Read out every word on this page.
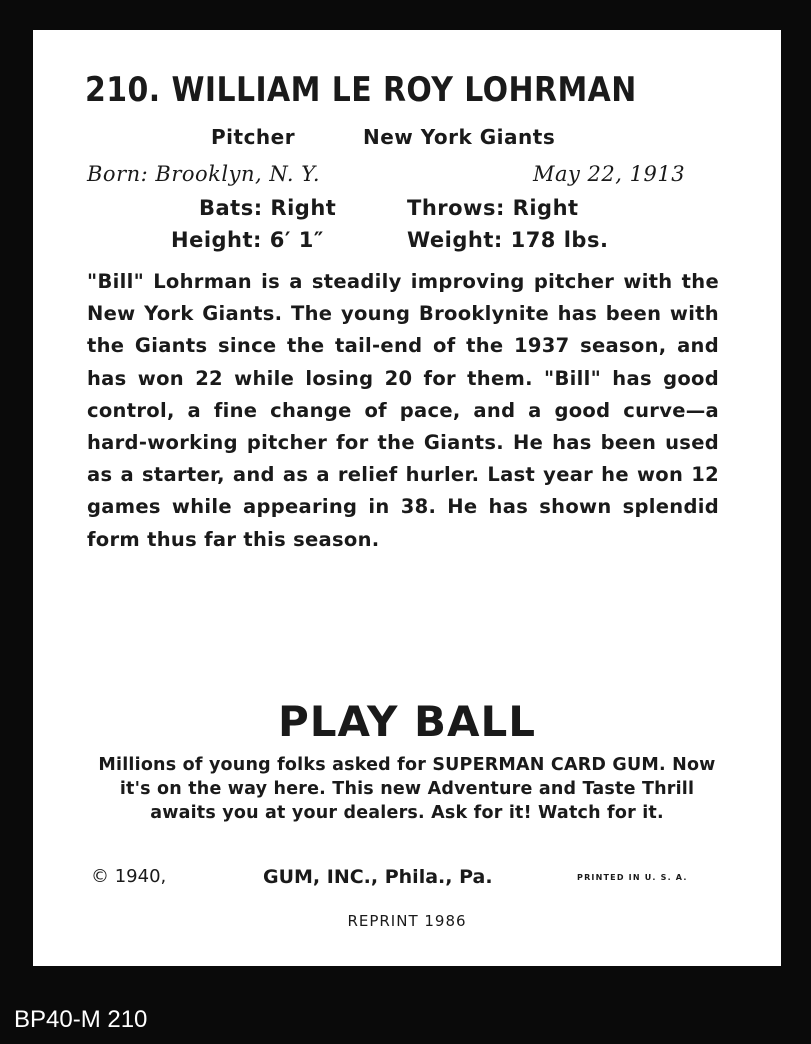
210. WILLIAM LE ROY LOHRMAN
Pitcher	New York Giants
Born: Brooklyn, N. Y.	May 22, 1913
Bats: Right	Throws: Right
Height: 6′ 1″	Weight: 178 lbs.
"Bill" Lohrman is a steadily improving pitcher with the New York Giants. The young Brooklynite has been with the Giants since the tail-end of the 1937 season, and has won 22 while losing 20 for them. "Bill" has good control, a fine change of pace, and a good curve—a hard-working pitcher for the Giants. He has been used as a starter, and as a relief hurler. Last year he won 12 games while appearing in 38. He has shown splendid form thus far this season.
PLAY BALL
Millions of young folks asked for SUPERMAN CARD GUM. Now it's on the way here. This new Adventure and Taste Thrill awaits you at your dealers. Ask for it! Watch for it.
© 1940,	GUM, INC., Phila., Pa.	PRINTED IN U. S. A.
REPRINT 1986
BP40-M 210
